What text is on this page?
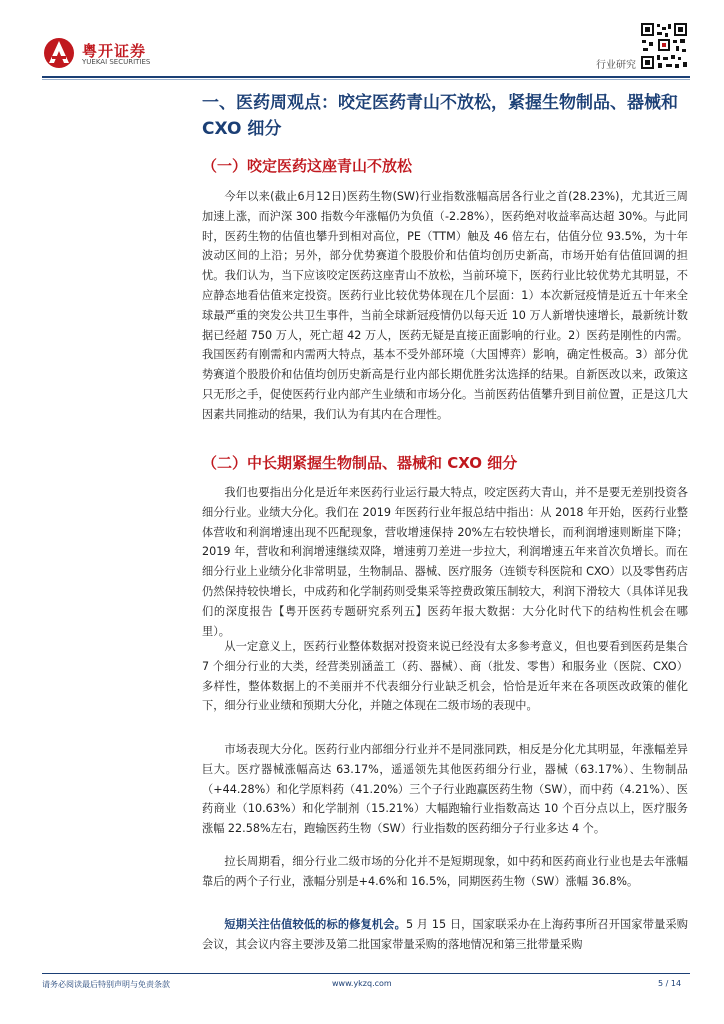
粤开证券
YUEKAI SECURITIES	行业研究
一、医药周观点：咬定医药青山不放松，紧握生物制品、器械和 CXO 细分
（一）咬定医药这座青山不放松

今年以来(截止6月12日)医药生物(SW)行业指数涨幅高居各行业之首(28.23%)，尤其近三周加速上涨，而沪深 300 指数今年涨幅仍为负值（-2.28%），医药绝对收益率高达超 30%。与此同时，医药生物的估值也攀升到相对高位，PE（TTM）触及 46 倍左右，估值分位 93.5%，为十年波动区间的上沿；另外，部分优势赛道个股股价和估值均创历史新高，市场开始有估值回调的担忧。我们认为，当下应该咬定医药这座青山不放松，当前环境下，医药行业比较优势尤其明显，不应静态地看估值来定投资。医药行业比较优势体现在几个层面：1）本次新冠疫情是近五十年来全球最严重的突发公共卫生事件，当前全球新冠疫情仍以每天近 10 万人新增快速增长，最新统计数据已经超 750 万人，死亡超 42 万人，医药无疑是直接正面影响的行业。2）医药是刚性的内需。我国医药有刚需和内需两大特点，基本不受外部环境（大国博弈）影响，确定性极高。3）部分优势赛道个股股价和估值均创历史新高是行业内部长期优胜劣汰选择的结果。自新医改以来，政策这只无形之手，促使医药行业内部产生业绩和市场分化。当前医药估值攀升到目前位置，正是这几大因素共同推动的结果，我们认为有其内在合理性。

（二）中长期紧握生物制品、器械和 CXO 细分

我们也要指出分化是近年来医药行业运行最大特点，咬定医药大青山，并不是要无差别投资各细分行业。业绩大分化。我们在 2019 年医药行业年报总结中指出：从 2018 年开始，医药行业整体营收和利润增速出现不匹配现象，营收增速保持 20%左右较快增长，而利润增速则断崖下降；2019 年，营收和利润增速继续双降，增速剪刀差进一步拉大，利润增速五年来首次负增长。而在细分行业上业绩分化非常明显，生物制品、器械、医疗服务（连锁专科医院和 CXO）以及零售药店仍然保持较快增长，中成药和化学制药则受集采等控费政策压制较大，利润下滑较大（具体详见我们的深度报告【粤开医药专题研究系列五】医药年报大数据：大分化时代下的结构性机会在哪里）。

从一定意义上，医药行业整体数据对投资来说已经没有太多参考意义，但也要看到医药是集合 7 个细分行业的大类，经营类别涵盖工（药、器械）、商（批发、零售）和服务业（医院、CXO）多样性，整体数据上的不美丽并不代表细分行业缺乏机会，恰恰是近年来在各项医改政策的催化下，细分行业业绩和预期大分化，并随之体现在二级市场的表现中。

市场表现大分化。医药行业内部细分行业并不是同涨同跌，相反是分化尤其明显，年涨幅差异巨大。医疗器械涨幅高达 63.17%，遥遥领先其他医药细分行业，器械（63.17%）、生物制品（+44.28%）和化学原料药（41.20%）三个子行业跑赢医药生物（SW），而中药（4.21%）、医药商业（10.63%）和化学制剂（15.21%）大幅跑输行业指数高达 10 个百分点以上，医疗服务涨幅 22.58%左右，跑输医药生物（SW）行业指数的医药细分子行业多达 4 个。

拉长周期看，细分行业二级市场的分化并不是短期现象，如中药和医药商业行业也是去年涨幅靠后的两个子行业，涨幅分别是+4.6%和 16.5%，同期医药生物（SW）涨幅 36.8%。

短期关注估值较低的标的修复机会。5 月 15 日，国家联采办在上海药事所召开国家带量采购会议，其会议内容主要涉及第二批国家带量采购的落地情况和第三批带量采购

请务必阅读最后特别声明与免责条款	www.ykzq.com	5 / 14
